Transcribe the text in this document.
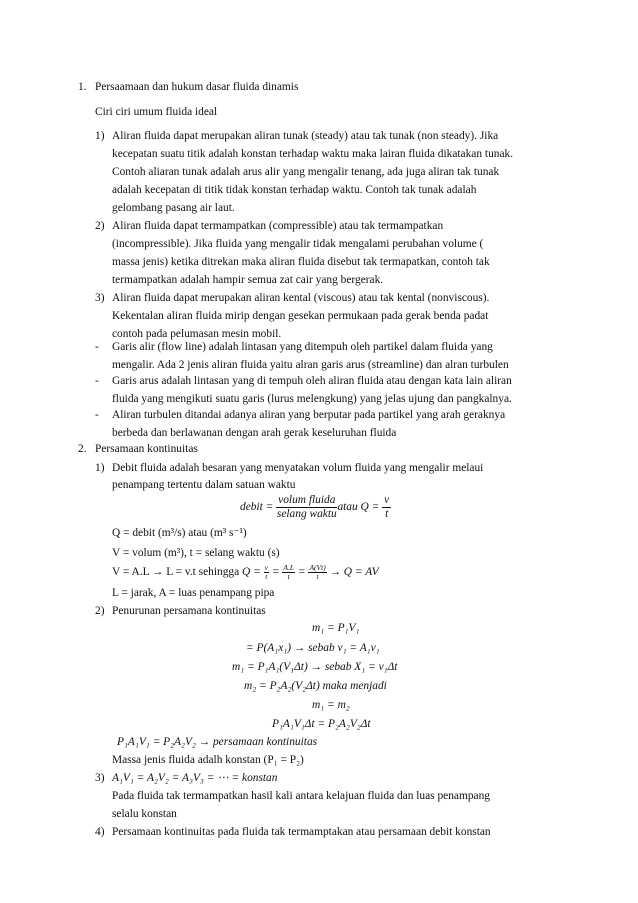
1. Persaamaan dan hukum dasar fluida dinamis
Ciri ciri umum fluida ideal
1) Aliran fluida dapat merupakan aliran tunak (steady) atau tak tunak (non steady). Jika
kecepatan suatu titik adalah konstan terhadap waktu maka lairan fluida dikatakan tunak.
Contoh aliaran tunak adalah arus alir yang mengalir tenang, ada juga aliran tak tunak
adalah kecepatan di titik tidak konstan terhadap waktu. Contoh tak tunak adalah
gelombang pasang air laut.
2) Aliran fluida dapat termampatkan (compressible) atau tak termampatkan
(incompressible). Jika fluida yang mengalir tidak mengalami perubahan volume (
massa jenis) ketika ditrekan maka aliran fluida disebut tak termapatkan, contoh tak
termampatkan adalah hampir semua zat cair yang bergerak.
3) Aliran fluida dapat merupakan aliran kental (viscous) atau tak kental (nonviscous).
Kekentalan aliran fluida mirip dengan gesekan permukaan pada gerak benda padat
contoh pada pelumasan mesin mobil.
- Garis alir (flow line) adalah lintasan yang ditempuh oleh partikel dalam fluida yang
mengalir. Ada 2 jenis aliran fluida yaitu alran garis arus (streamline) dan alran turbulen
- Garis arus adalah lintasan yang di tempuh oleh aliran fluida atau dengan kata lain aliran
fluida yang mengikuti suatu garis (lurus melengkung) yang jelas ujung dan pangkalnya.
- Aliran turbulen ditandai adanya aliran yang berputar pada partikel yang arah geraknya
berbeda dan berlawanan dengan arah gerak keseluruhan fluida
2. Persamaan kontinuitas
1) Debit fluida adalah besaran yang menyatakan volum fluida yang mengalir melaui
penampang tertentu dalam satuan waktu
debit = $\frac{\text{volum fluida}}{\text{selang waktu}}$ atau $Q = \frac{v}{t}$
Q = debit (m³/s) atau (m³ s⁻¹)
V = volum (m³), t = selang waktu (s)
V = A.L → L = v.t sehingga $Q = \frac{v}{t} = \frac{A.L}{t} = \frac{A(Vt)}{t} \to Q$ = AV
L = jarak, A = luas penampang pipa
2) Penurunan persamana kontinuitas
m₁ = P₁V₁
= P(A₁x₁) → sebab v₁ = A₁v₁
m₁ = P₁A₁(V₁Δt) → sebab X₁ = v₁Δt
m₂ = P₂A₂(V₂Δt) maka menjadi
m₁ = m₂
P₁A₁V₁Δt = P₂A₂V₂Δt
P₁A₁V₁ = P₂A₂V₂ → persamaan kontinuitas
Massa jenis fluida adalh konstan (P₁ = P₂)
3) A₁V₁ = A₂V₂ = A₃V₃ = ⋯ = konstan
Pada fluida tak termampatkan hasil kali antara kelajuan fluida dan luas penampang
selalu konstan
4) Persamaan kontinuitas pada fluida tak termamptakan atau persamaan debit konstan
